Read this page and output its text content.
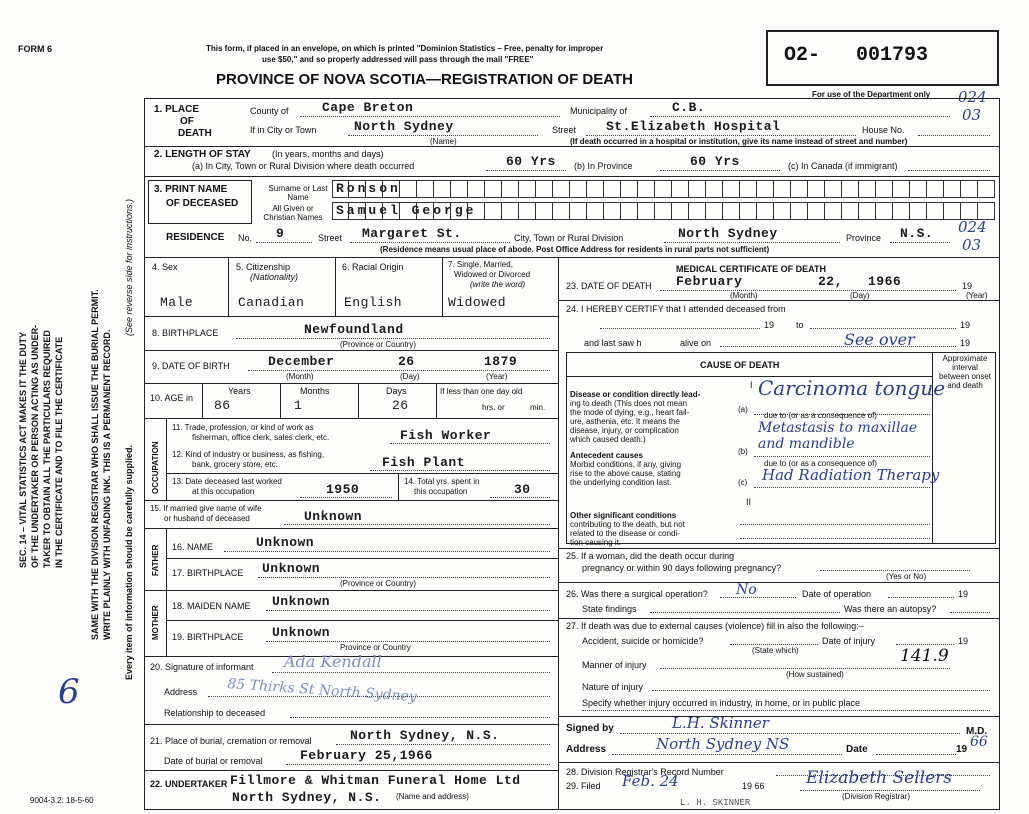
FORM 6	This form, if placed in an envelope, on which is printed "Dominion Statistics – Free, penalty for improper
use $50," and so properly addressed will pass through the mail "FREE"
PROVINCE OF NOVA SCOTIA—REGISTRATION OF DEATH
O2- 001793
For use of the Department only 024
03
SEC. 14 – VITAL STATISTICS ACT MAKES IT THE DUTY OF THE UNDERTAKER OR PERSON ACTING AS UNDER- TAKER TO OBTAIN ALL THE PARTICULARS REQUIRED IN THE CERTIFICATE AND TO FILE THE CERTIFICATE	SAME WITH THE DIVISION REGISTRAR WHO SHALL ISSUE THE BURIAL PERMIT. WRITE PLAINLY WITH UNFADING INK. THIS IS A PERMANENT RECORD.
(See reverse side for instructions.)
Every item of information should be carefully supplied.
6
9004-3.2: 18-5-60
1. PLACE
OF
DEATH
County of	Cape Breton	Municipality of	C.B.
If in City or Town	North Sydney
(Name)
Street St.Elizabeth Hospital	House No.
(If death occurred in a hospital or institution, give its name instead of street and number)
2. LENGTH OF STAY (In years, months and days)
(a) In City, Town or Rural Division where death occurred	60 Yrs (b) In Province	60 Yrs	(c) In Canada (if immigrant)
3. PRINT NAME
OF DECEASED
Surname or Last Name
Ronson
All Given or Christian Names	Samuel George
RESIDENCE No. 9	Street Margaret St.	City, Town or Rural Division	North Sydney	Province N.S.
(Residence means usual place of abode. Post Office Address for residents in rural parts not sufficient)
024
03
4. Sex
Male
5. Citizenship
(Nationality)
Canadian
6. Racial Origin
English
7. Single, Married,
Widowed or Divorced
(write the word)
Widowed
8. BIRTHPLACE	Newfoundland
(Province or Country)
9. DATE OF BIRTH	December	26	1879
(Month)	(Day)	(Year)
10. AGE in
Years
86
Months
1
Days
26
If less than one day old
hrs. or	min.
OCCUPATION
11. Trade, profession, or kind of work as
fisherman, office clerk, sales clerk, etc.	Fish Worker
12. Kind of industry or business, as fishing,
bank, grocery store, etc.	Fish Plant
13. Date deceased last worked
at this occupation	1950
14. Total yrs. spent in
this occupation	30
15. If married give name of wife
or husband of deceased	Unknown
FATHER 16. NAME	Unknown
17. BIRTHPLACE Unknown
(Province or Country)
MOTHER 18. MAIDEN NAME Unknown
19. BIRTHPLACE Unknown
Province or Country
20. Signature of informant Ada Kendall
Address 85 Thirks St North Sydney
Relationship to deceased
21. Place of burial, cremation or removal	North Sydney, N.S.
Date of burial or removal	February 25,1966
22. UNDERTAKER Fillmore & Whitman Funeral Home Ltd
North Sydney, N.S. (Name and address)
MEDICAL CERTIFICATE OF DEATH
23. DATE OF DEATH February	22, 1966	19
(Month)	(Day)	(Year)
24. I HEREBY CERTIFY that I attended deceased from
19 to	19
and last saw h	alive on	See over	19
CAUSE OF DEATH
Approximate interval between onset and death
I
II
Disease or condition directly lead-
ing to death (This does not mean
the mode of dying, e.g., heart fail-
ure, asthenia, etc. It means the
disease, injury, or complication
which caused death.)
(a)
Carcinoma tongue
due to (or as a consequence of)
Metastasis to maxillae
and mandible
(b)
due to (or as a consequence of)
(c) Had Radiation Therapy
Antecedent causes
Morbid conditions, if any, giving
rise to the above cause, stating
the underlying condition last.
Other significant conditions
contributing to the death, but not
related to the disease or condi-
tion causing it.
25. If a woman, did the death occur during
pregnancy or within 90 days following pregnancy?
(Yes or No)
26. Was there a surgical operation? No	Date of operation	19
State findings	Was there an autopsy?
27. If death was due to external causes (violence) fill in also the following:–
Accident, suicide or homicide?	Date of injury	19
(State which)	141.9
Manner of injury
(How sustained)
Nature of injury
Specify whether injury occurred in industry, in home, or in public place
Signed by	L.H. Skinner	M.D.
Address	North Sydney NS	Date	19 66
28. Division Registrar's Record Number
29. Filed Feb. 24	19 66 Elizabeth Sellers
(Division Registrar)
L. H. SKINNER
